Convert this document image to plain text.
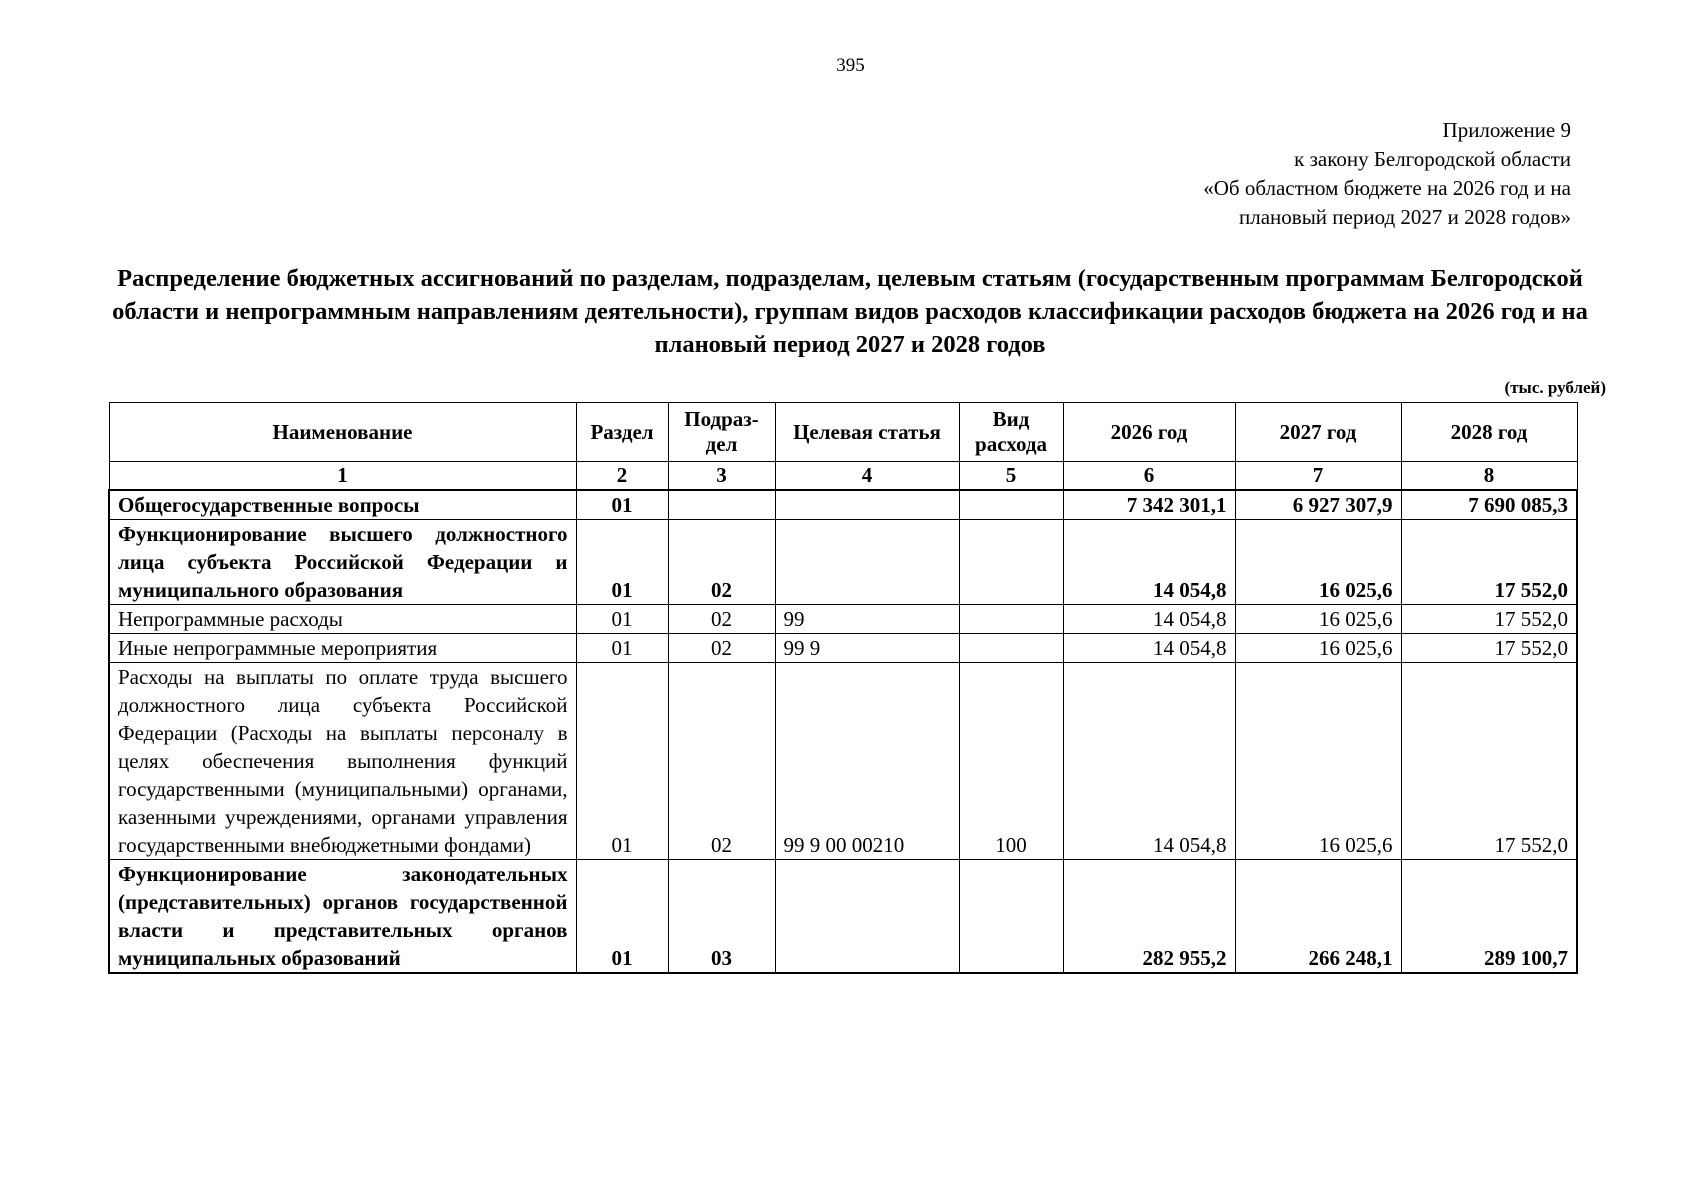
395
Приложение 9
к закону Белгородской области
«Об областном бюджете на 2026 год и на
плановый период 2027 и 2028 годов»
Распределение бюджетных ассигнований по разделам, подразделам, целевым статьям (государственным программам Белгородской области и непрограммным направлениям деятельности), группам видов расходов классификации расходов бюджета на 2026 год и на плановый период 2027 и 2028 годов
(тыс. рублей)
Наименование	Раздел	Подраз-дел	Целевая статья	Вид расхода	2026 год	2027 год	2028 год
1	2	3	4	5	6	7	8
Общегосударственные вопросы	01				7 342 301,1	6 927 307,9	7 690 085,3
Функционирование высшего должностного лица субъекта Российской Федерации и муниципального образования	01	02			14 054,8	16 025,6	17 552,0
Непрограммные расходы	01	02	99		14 054,8	16 025,6	17 552,0
Иные непрограммные мероприятия	01	02	99 9		14 054,8	16 025,6	17 552,0
Расходы на выплаты по оплате труда высшего должностного лица субъекта Российской Федерации (Расходы на выплаты персоналу в целях обеспечения выполнения функций государственными (муниципальными) органами, казенными учреждениями, органами управления государственными внебюджетными фондами)	01	02	99 9 00 00210	100	14 054,8	16 025,6	17 552,0
Функционирование законодательных (представительных) органов государственной власти и представительных органов муниципальных образований	01	03			282 955,2	266 248,1	289 100,7
